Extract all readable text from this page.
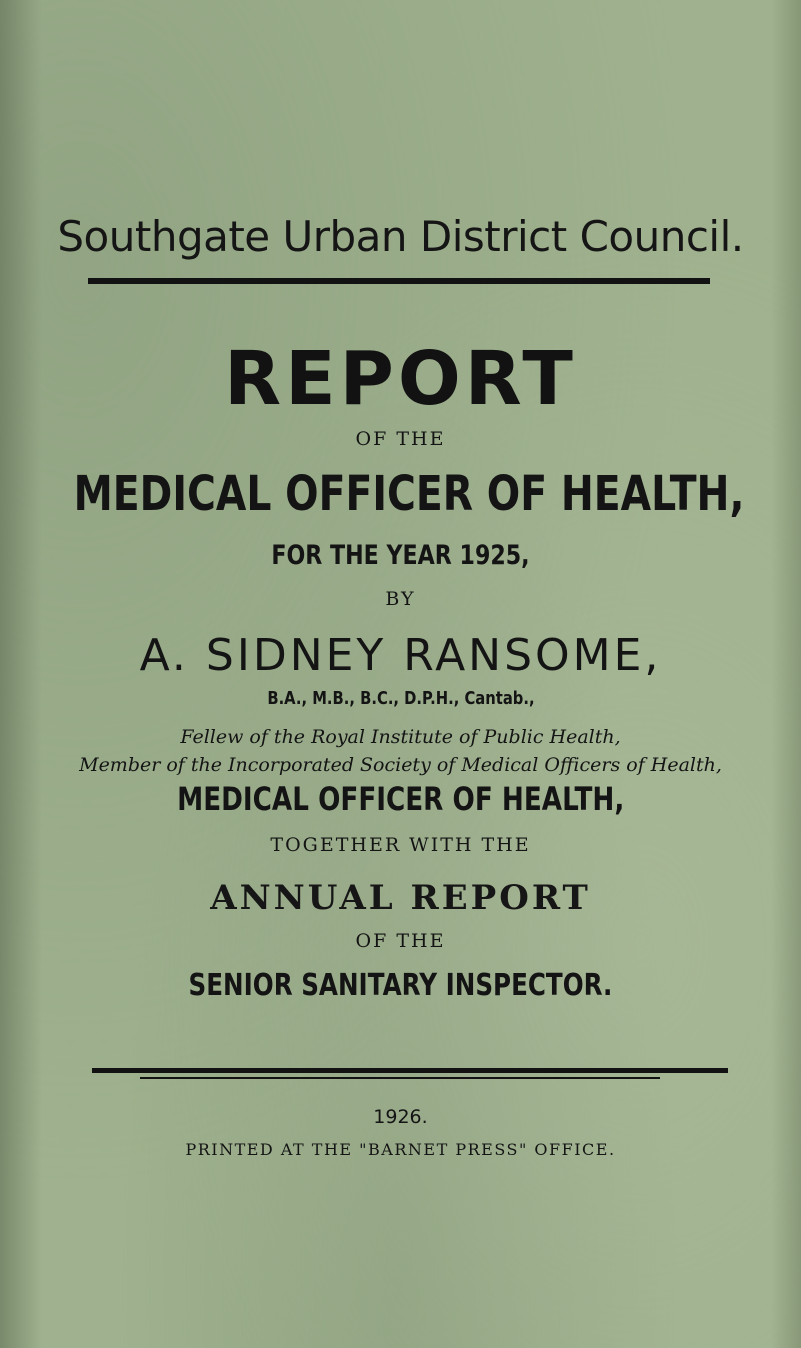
Southgate Urban District Council.
REPORT
OF THE
MEDICAL OFFICER OF HEALTH,
FOR THE YEAR 1925,
BY
A. SIDNEY RANSOME,
B.A., M.B., B.C., D.P.H., Cantab.,
Fellew of the Royal Institute of Public Health,
Member of the Incorporated Society of Medical Officers of Health,
MEDICAL OFFICER OF HEALTH,
TOGETHER WITH THE
ANNUAL REPORT
OF THE
SENIOR SANITARY INSPECTOR.
1926.
PRINTED AT THE "BARNET PRESS" OFFICE.
